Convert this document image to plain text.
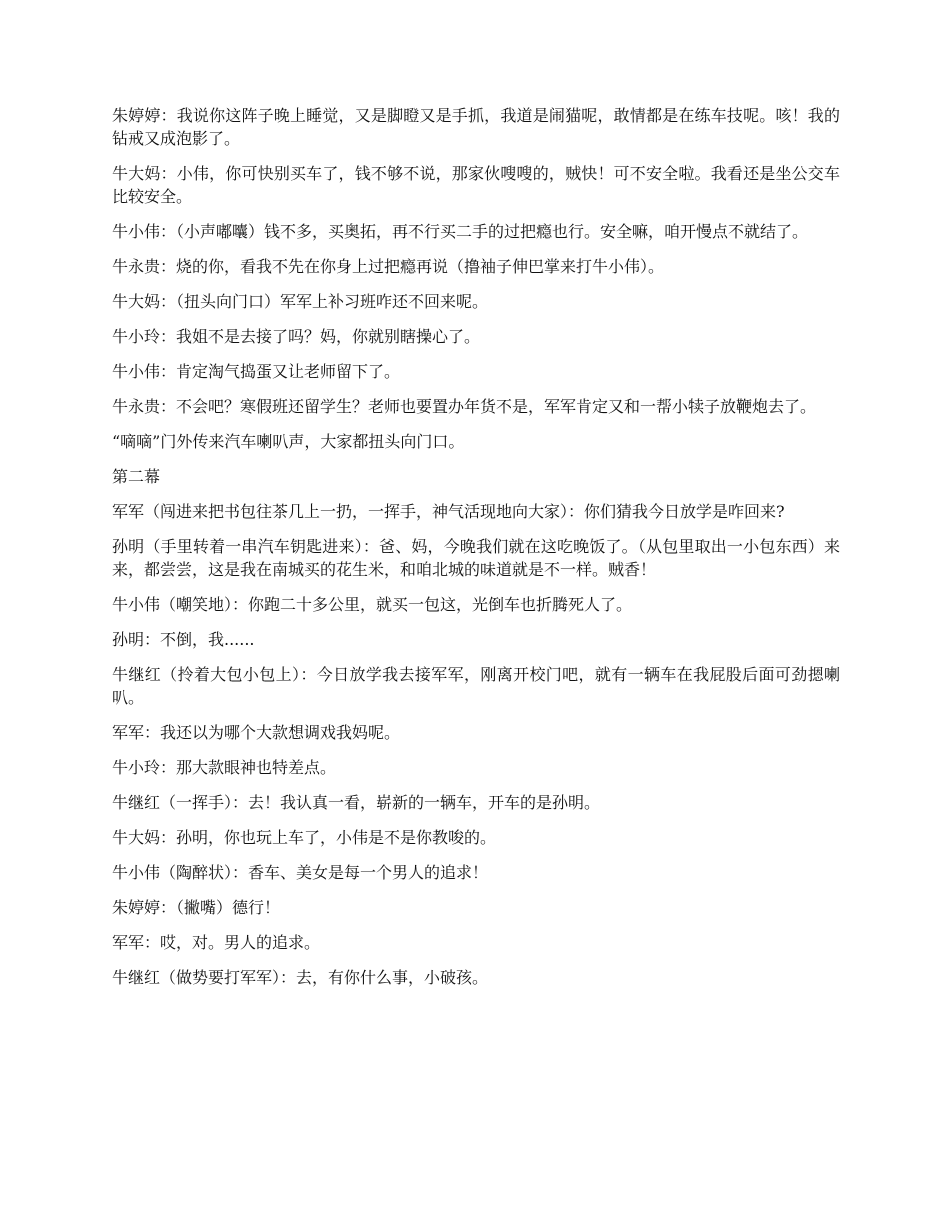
朱婷婷：我说你这阵子晚上睡觉，又是脚瞪又是手抓，我道是闹猫呢，敢情都是在练车技呢。咳！我的钻戒又成泡影了。

牛大妈：小伟，你可快别买车了，钱不够不说，那家伙嗖嗖的，贼快！可不安全啦。我看还是坐公交车比较安全。

牛小伟：（小声嘟囔）钱不多，买奥拓，再不行买二手的过把瘾也行。安全嘛，咱开慢点不就结了。

牛永贵：烧的你，看我不先在你身上过把瘾再说（撸袖子伸巴掌来打牛小伟）。

牛大妈：（扭头向门口）军军上补习班咋还不回来呢。

牛小玲：我姐不是去接了吗？妈，你就别瞎操心了。

牛小伟：肯定淘气捣蛋又让老师留下了。

牛永贵：不会吧？寒假班还留学生？老师也要置办年货不是，军军肯定又和一帮小犊子放鞭炮去了。

“嘀嘀”门外传来汽车喇叭声，大家都扭头向门口。

第二幕

军军（闯进来把书包往茶几上一扔，一挥手，神气活现地向大家）：你们猜我今日放学是咋回来?

孙明（手里转着一串汽车钥匙进来）：爸、妈，今晚我们就在这吃晚饭了。（从包里取出一小包东西）来来，都尝尝，这是我在南城买的花生米，和咱北城的味道就是不一样。贼香！

牛小伟（嘲笑地）：你跑二十多公里，就买一包这，光倒车也折腾死人了。

孙明：不倒，我......

牛继红（拎着大包小包上）：今日放学我去接军军，刚离开校门吧，就有一辆车在我屁股后面可劲摁喇叭。

军军：我还以为哪个大款想调戏我妈呢。

牛小玲：那大款眼神也特差点。

牛继红（一挥手）：去！我认真一看，崭新的一辆车，开车的是孙明。

牛大妈：孙明，你也玩上车了，小伟是不是你教唆的。

牛小伟（陶醉状）：香车、美女是每一个男人的追求！

朱婷婷：（撇嘴）德行！

军军：哎，对。男人的追求。

牛继红（做势要打军军）：去，有你什么事，小破孩。
